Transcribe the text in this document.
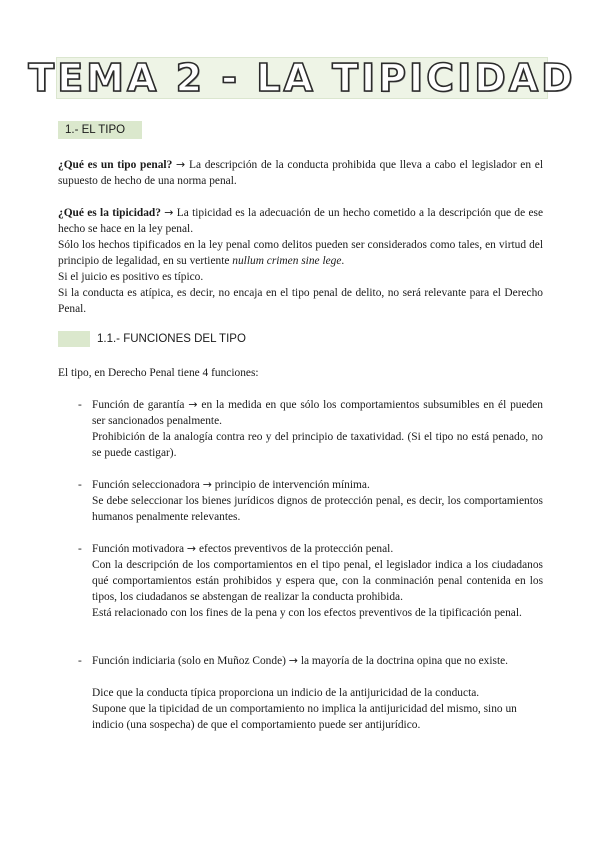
TEMA 2 - LA TIPICIDAD
1.- EL TIPO

¿Qué es un tipo penal? → La descripción de la conducta prohibida que lleva a cabo el legislador en el supuesto de hecho de una norma penal.

¿Qué es la tipicidad? → La tipicidad es la adecuación de un hecho cometido a la descripción que de ese hecho se hace en la ley penal.

Sólo los hechos tipificados en la ley penal como delitos pueden ser considerados como tales, en virtud del principio de legalidad, en su vertiente nullum crimen sine lege.

Si el juicio es positivo es típico.

Si la conducta es atípica, es decir, no encaja en el tipo penal de delito, no será relevante para el Derecho Penal.

1.1.- FUNCIONES DEL TIPO

El tipo, en Derecho Penal tiene 4 funciones:

- Función de garantía → en la medida en que sólo los comportamientos subsumibles en él pueden ser sancionados penalmente.

Prohibición de la analogía contra reo y del principio de taxatividad. (Si el tipo no está penado, no se puede castigar).

- Función seleccionadora → principio de intervención mínima.

Se debe seleccionar los bienes jurídicos dignos de protección penal, es decir, los comportamientos humanos penalmente relevantes.

- Función motivadora → efectos preventivos de la protección penal.

Con la descripción de los comportamientos en el tipo penal, el legislador indica a los ciudadanos qué comportamientos están prohibidos y espera que, con la conminación penal contenida en los tipos, los ciudadanos se abstengan de realizar la conducta prohibida.

Está relacionado con los fines de la pena y con los efectos preventivos de la tipificación penal.

- Función indiciaria (solo en Muñoz Conde) → la mayoría de la doctrina opina que no existe.

Dice que la conducta típica proporciona un indicio de la antijuricidad de la conducta.

Supone que la tipicidad de un comportamiento no implica la antijuricidad del mismo, sino un indicio (una sospecha) de que el comportamiento puede ser antijurídico.
